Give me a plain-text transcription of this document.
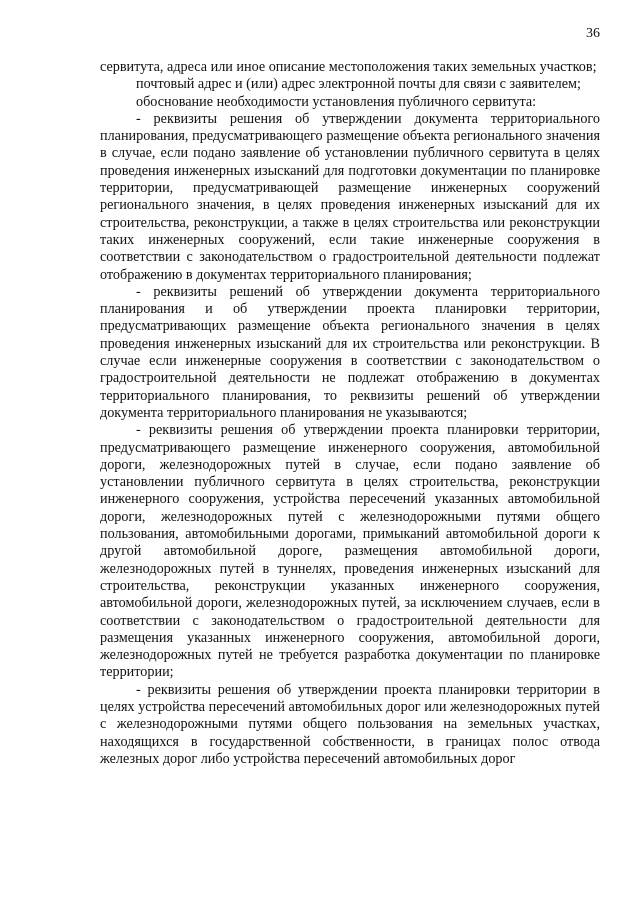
36

сервитута, адреса или иное описание местоположения таких земельных участков;

почтовый адрес и (или) адрес электронной почты для связи с заявителем;

обоснование необходимости установления публичного сервитута:

- реквизиты решения об утверждении документа территориального планирования, предусматривающего размещение объекта регионального значения в случае, если подано заявление об установлении публичного сервитута в целях проведения инженерных изысканий для подготовки документации по планировке территории, предусматривающей размещение инженерных сооружений регионального значения, в целях проведения инженерных изысканий для их строительства, реконструкции, а также в целях строительства или реконструкции таких инженерных сооружений, если такие инженерные сооружения в соответствии с законодательством о градостроительной деятельности подлежат отображению в документах территориального планирования;

- реквизиты решений об утверждении документа территориального планирования и об утверждении проекта планировки территории, предусматривающих размещение объекта регионального значения в целях проведения инженерных изысканий для их строительства или реконструкции. В случае если инженерные сооружения в соответствии с законодательством о градостроительной деятельности не подлежат отображению в документах территориального планирования, то реквизиты решений об утверждении документа территориального планирования не указываются;

- реквизиты решения об утверждении проекта планировки территории, предусматривающего размещение инженерного сооружения, автомобильной дороги, железнодорожных путей в случае, если подано заявление об установлении публичного сервитута в целях строительства, реконструкции инженерного сооружения, устройства пересечений указанных автомобильной дороги, железнодорожных путей с железнодорожными путями общего пользования, автомобильными дорогами, примыканий автомобильной дороги к другой автомобильной дороге, размещения автомобильной дороги, железнодорожных путей в туннелях, проведения инженерных изысканий для строительства, реконструкции указанных инженерного сооружения, автомобильной дороги, железнодорожных путей, за исключением случаев, если в соответствии с законодательством о градостроительной деятельности для размещения указанных инженерного сооружения, автомобильной дороги, железнодорожных путей не требуется разработка документации по планировке территории;

- реквизиты решения об утверждении проекта планировки территории в целях устройства пересечений автомобильных дорог или железнодорожных путей с железнодорожными путями общего пользования на земельных участках, находящихся в государственной собственности, в границах полос отвода железных дорог либо устройства пересечений автомобильных дорог
